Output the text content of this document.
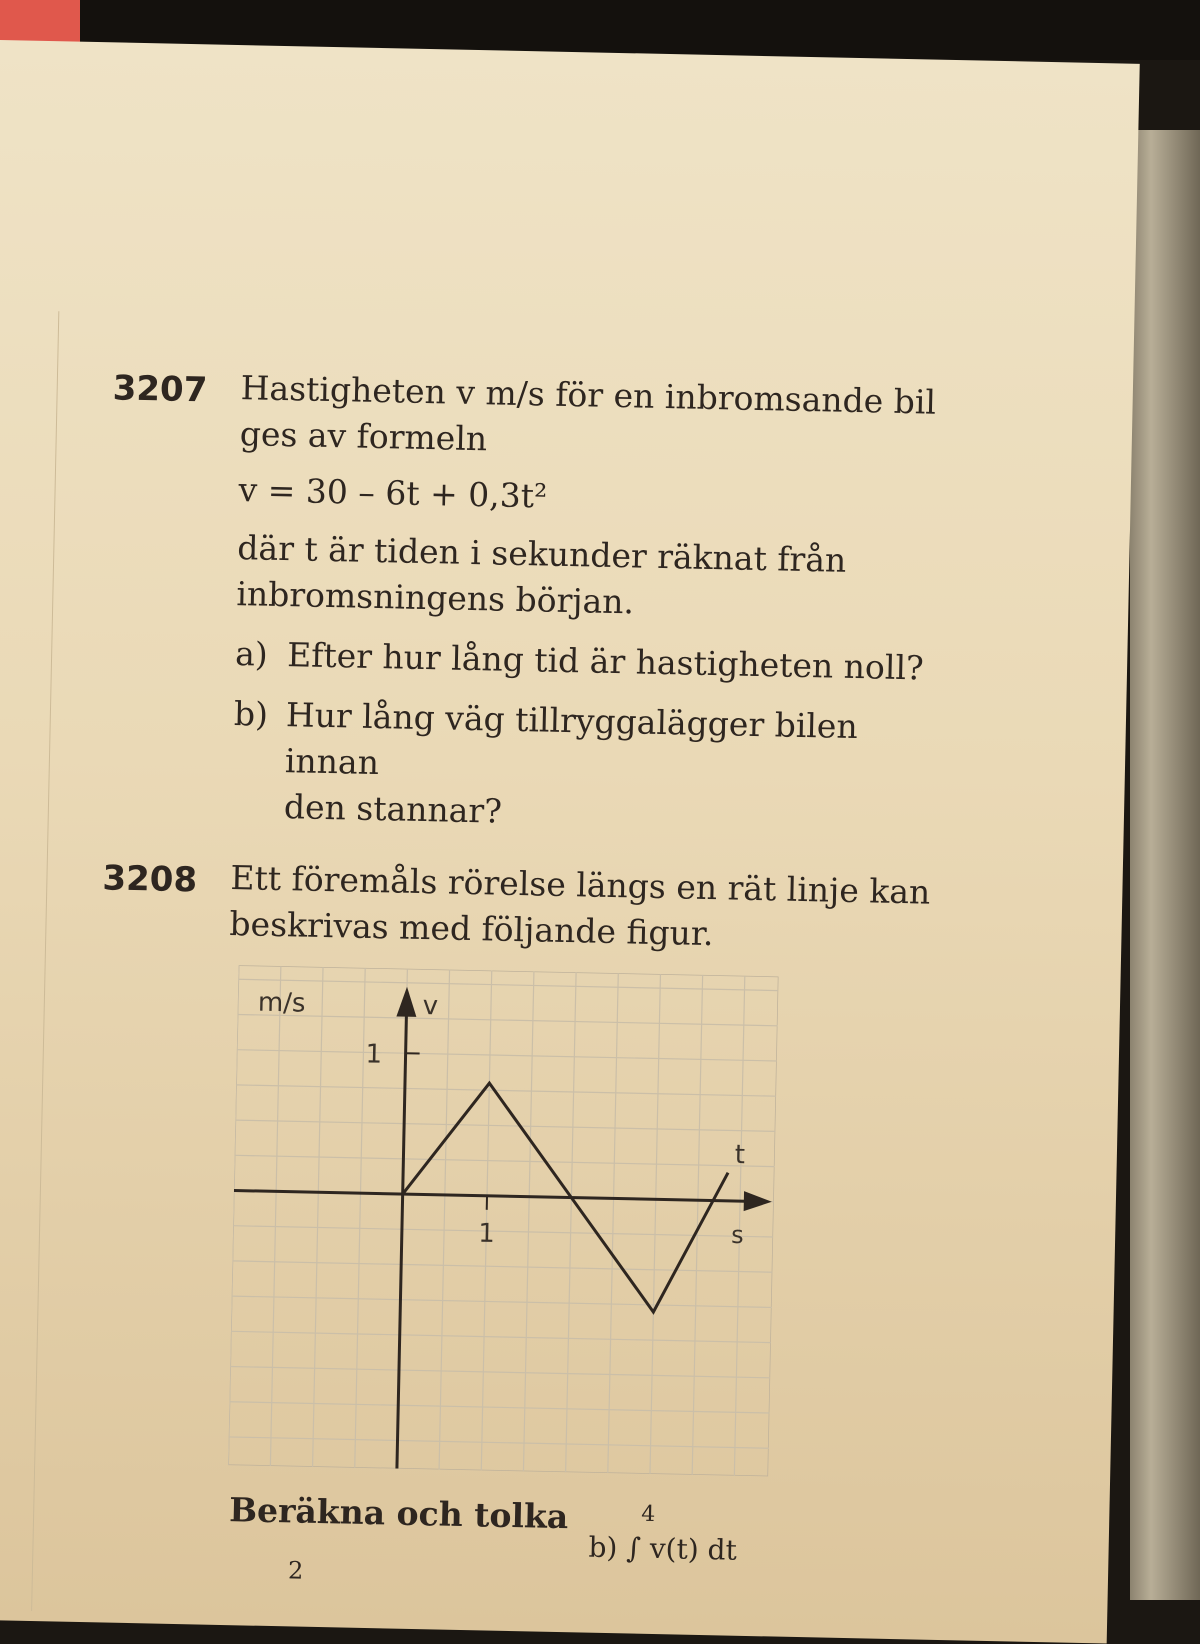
3207 Hastigheten v m/s för en inbromsande bil
ges av formeln
v = 30 – 6t + 0,3t²
där t är tiden i sekunder räknat från
inbromsningens början.
a) Efter hur lång tid är hastigheten noll?
b) Hur lång väg tillryggalägger bilen innan
den stannar?
3208 Ett föremåls rörelse längs en rät linje kan
beskrivas med följande figur.
m/s	v
t
s
1
1
Beräkna och tolka	4
b) ∫ v(t) dt
2
